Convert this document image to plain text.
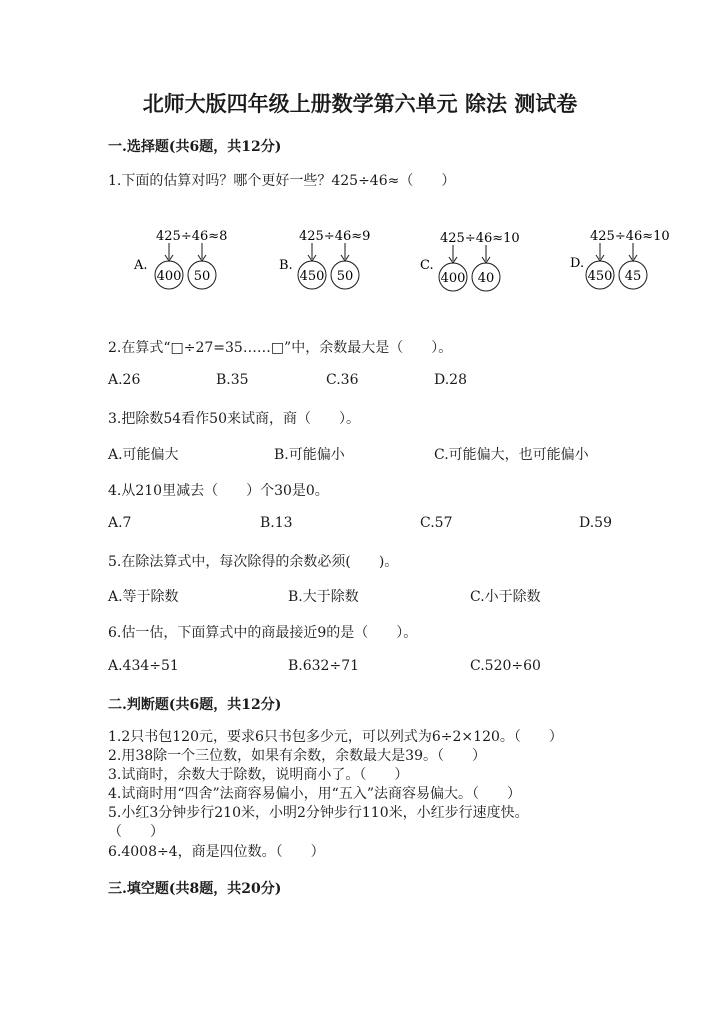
北师大版四年级上册数学第六单元 除法 测试卷
一.选择题(共6题，共12分)
1.下面的估算对吗？哪个更好一些？425÷46≈（　　）
A.
425÷46≈8
400 50
B.
425÷46≈9
450 50
C.
425÷46≈10
400 40
D.
425÷46≈10
450 45
2.在算式“□÷27=35……□”中，余数最大是（　　）。
A.26	B.35	C.36	D.28
3.把除数54看作50来试商，商（　　）。
A.可能偏大	B.可能偏小	C.可能偏大，也可能偏小
4.从210里减去（　　）个30是0。
A.7	B.13	C.57	D.59
5.在除法算式中，每次除得的余数必须(　　)。
A.等于除数	B.大于除数	C.小于除数
6.估一估，下面算式中的商最接近9的是（　　）。
A.434÷51	B.632÷71	C.520÷60
二.判断题(共6题，共12分)
1.2只书包120元，要求6只书包多少元，可以列式为6÷2×120。（　　）
2.用38除一个三位数，如果有余数，余数最大是39。（　　）
3.试商时，余数大于除数，说明商小了。（　　）
4.试商时用“四舍”法商容易偏小，用“五入”法商容易偏大。（　　）
5.小红3分钟步行210米，小明2分钟步行110米，小红步行速度快。
（　　）
6.4008÷4，商是四位数。（　　）
三.填空题(共8题，共20分)
